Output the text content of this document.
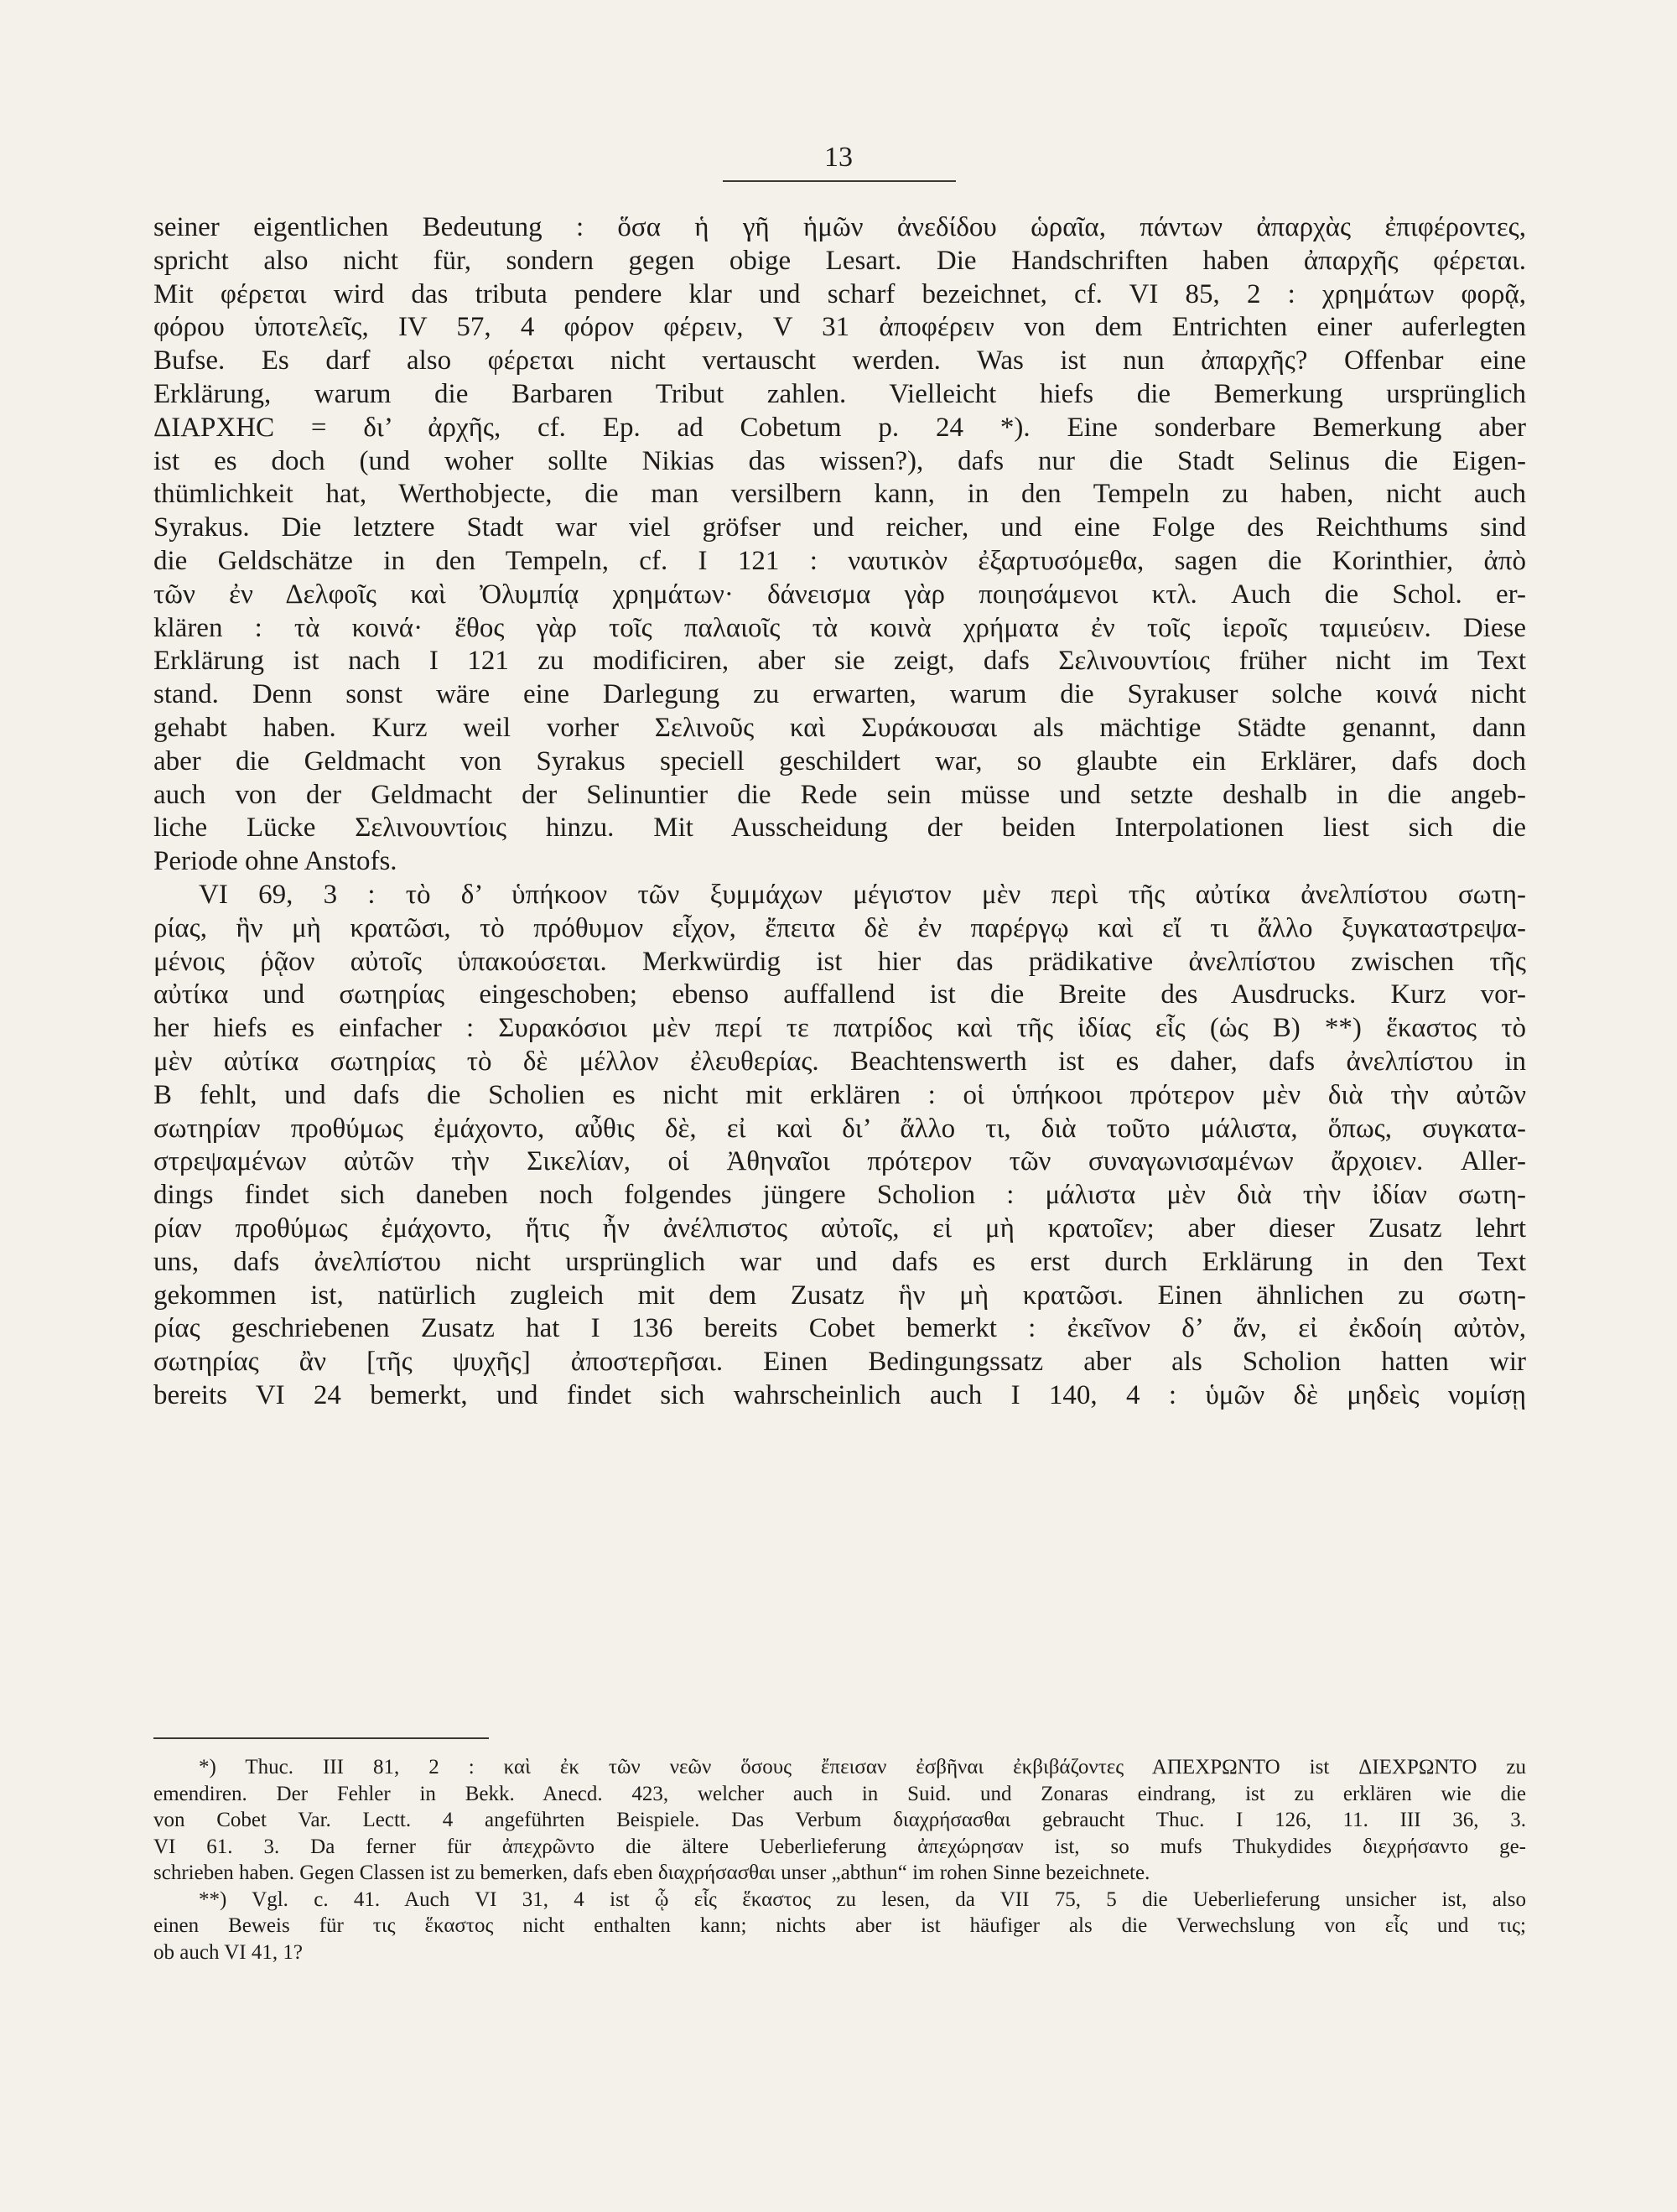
13
seiner eigentlichen Bedeutung : ὅσα ἡ γῆ ἡμῶν ἀνεδίδου ὡραῖα, πάντων ἀπαρχὰς ἐπιφέροντες,
spricht also nicht für, sondern gegen obige Lesart. Die Handschriften haben ἀπαρχῆς φέρεται.
Mit φέρεται wird das tributa pendere klar und scharf bezeichnet, cf. VI 85, 2 : χρημάτων φορᾷ,
φόρου ὑποτελεῖς, IV 57, 4 φόρον φέρειν, V 31 ἀποφέρειν von dem Entrichten einer auferlegten
Bufse. Es darf also φέρεται nicht vertauscht werden. Was ist nun ἀπαρχῆς? Offenbar eine
Erklärung, warum die Barbaren Tribut zahlen. Vielleicht hiefs die Bemerkung ursprünglich
ΔΙΑΡΧΗϹ = δι’ ἀρχῆς, cf. Ep. ad Cobetum p. 24 *). Eine sonderbare Bemerkung aber
ist es doch (und woher sollte Nikias das wissen?), dafs nur die Stadt Selinus die Eigen-
thümlichkeit hat, Werthobjecte, die man versilbern kann, in den Tempeln zu haben, nicht auch
Syrakus. Die letztere Stadt war viel gröfser und reicher, und eine Folge des Reichthums sind
die Geldschätze in den Tempeln, cf. I 121 : ναυτικὸν ἐξαρτυσόμεθα, sagen die Korinthier, ἀπὸ
τῶν ἐν Δελφοῖς καὶ Ὀλυμπίᾳ χρημάτων· δάνεισμα γὰρ ποιησάμενοι κτλ. Auch die Schol. er-
klären : τὰ κοινά· ἔθος γὰρ τοῖς παλαιοῖς τὰ κοινὰ χρήματα ἐν τοῖς ἱεροῖς ταμιεύειν. Diese
Erklärung ist nach I 121 zu modificiren, aber sie zeigt, dafs Σελινουντίοις früher nicht im Text
stand. Denn sonst wäre eine Darlegung zu erwarten, warum die Syrakuser solche κοινά nicht
gehabt haben. Kurz weil vorher Σελινοῦς καὶ Συράκουσαι als mächtige Städte genannt, dann
aber die Geldmacht von Syrakus speciell geschildert war, so glaubte ein Erklärer, dafs doch
auch von der Geldmacht der Selinuntier die Rede sein müsse und setzte deshalb in die angeb-
liche Lücke Σελινουντίοις hinzu. Mit Ausscheidung der beiden Interpolationen liest sich die
Periode ohne Anstofs.
VI 69, 3 : τὸ δ’ ὑπήκοον τῶν ξυμμάχων μέγιστον μὲν περὶ τῆς αὐτίκα ἀνελπίστου σωτη-
ρίας, ἣν μὴ κρατῶσι, τὸ πρόθυμον εἶχον, ἔπειτα δὲ ἐν παρέργῳ καὶ εἴ τι ἄλλο ξυγκαταστρεψα-
μένοις ῥᾷον αὐτοῖς ὑπακούσεται. Merkwürdig ist hier das prädikative ἀνελπίστου zwischen τῆς
αὐτίκα und σωτηρίας eingeschoben; ebenso auffallend ist die Breite des Ausdrucks. Kurz vor-
her hiefs es einfacher : Συρακόσιοι μὲν περί τε πατρίδος καὶ τῆς ἰδίας εἷς (ὡς B) **) ἕκαστος τὸ
μὲν αὐτίκα σωτηρίας τὸ δὲ μέλλον ἐλευθερίας. Beachtenswerth ist es daher, dafs ἀνελπίστου in
B fehlt, und dafs die Scholien es nicht mit erklären : οἱ ὑπήκοοι πρότερον μὲν διὰ τὴν αὐτῶν
σωτηρίαν προθύμως ἐμάχοντο, αὖθις δὲ, εἰ καὶ δι’ ἄλλο τι, διὰ τοῦτο μάλιστα, ὅπως, συγκατα-
στρεψαμένων αὐτῶν τὴν Σικελίαν, οἱ Ἀθηναῖοι πρότερον τῶν συναγωνισαμένων ἄρχοιεν. Aller-
dings findet sich daneben noch folgendes jüngere Scholion : μάλιστα μὲν διὰ τὴν ἰδίαν σωτη-
ρίαν προθύμως ἐμάχοντο, ἥτις ἦν ἀνέλπιστος αὐτοῖς, εἰ μὴ κρατοῖεν; aber dieser Zusatz lehrt
uns, dafs ἀνελπίστου nicht ursprünglich war und dafs es erst durch Erklärung in den Text
gekommen ist, natürlich zugleich mit dem Zusatz ἣν μὴ κρατῶσι. Einen ähnlichen zu σωτη-
ρίας geschriebenen Zusatz hat I 136 bereits Cobet bemerkt : ἐκεῖνον δ’ ἄν, εἰ ἐκδοίη αὐτὸν,
σωτηρίας ἂν [τῆς ψυχῆς] ἀποστερῆσαι. Einen Bedingungssatz aber als Scholion hatten wir
bereits VI 24 bemerkt, und findet sich wahrscheinlich auch I 140, 4 : ὑμῶν δὲ μηδεὶς νομίσῃ
*) Thuc. III 81, 2 : καὶ ἐκ τῶν νεῶν ὅσους ἔπεισαν ἐσβῆναι ἐκβιβάζοντες ΑΠΕΧΡΩΝΤΟ ist ΔΙΕΧΡΩΝΤΟ zu
emendiren. Der Fehler in Bekk. Anecd. 423, welcher auch in Suid. und Zonaras eindrang, ist zu erklären wie die
von Cobet Var. Lectt. 4 angeführten Beispiele. Das Verbum διαχρήσασθαι gebraucht Thuc. I 126, 11. III 36, 3.
VI 61. 3. Da ferner für ἀπεχρῶντο die ältere Ueberlieferung ἀπεχώρησαν ist, so mufs Thukydides διεχρήσαντο ge-
schrieben haben. Gegen Classen ist zu bemerken, dafs eben διαχρήσασθαι unser „abthun“ im rohen Sinne bezeichnete.
**) Vgl. c. 41. Auch VI 31, 4 ist ᾧ εἷς ἕκαστος zu lesen, da VII 75, 5 die Ueberlieferung unsicher ist, also
einen Beweis für τις ἕκαστος nicht enthalten kann; nichts aber ist häufiger als die Verwechslung von εἷς und τις;
ob auch VI 41, 1?
